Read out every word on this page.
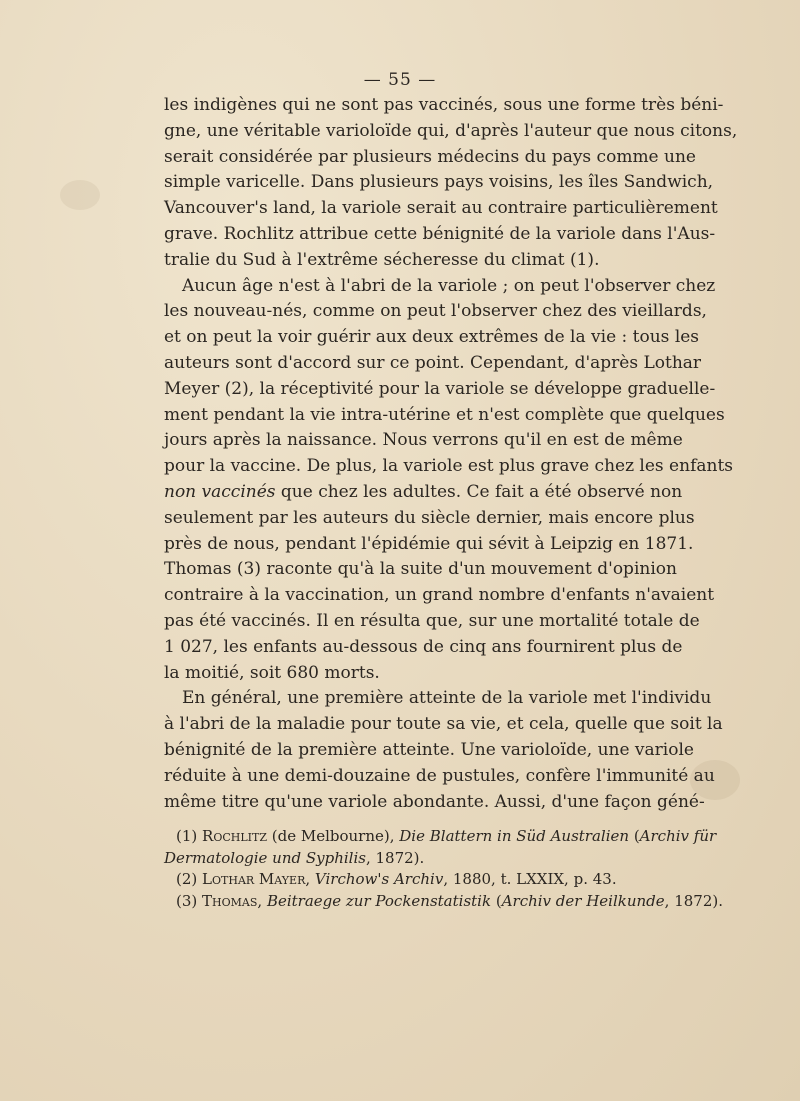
— 55 —
les indigènes qui ne sont pas vaccinés, sous une forme très béni-
gne, une véritable varioloïde qui, d'après l'auteur que nous citons,
serait considérée par plusieurs médecins du pays comme une
simple varicelle. Dans plusieurs pays voisins, les îles Sandwich,
Vancouver's land, la variole serait au contraire particulièrement
grave. Rochlitz attribue cette bénignité de la variole dans l'Aus-
tralie du Sud à l'extrême sécheresse du climat (1).
Aucun âge n'est à l'abri de la variole ; on peut l'observer chez
les nouveau-nés, comme on peut l'observer chez des vieillards,
et on peut la voir guérir aux deux extrêmes de la vie : tous les
auteurs sont d'accord sur ce point. Cependant, d'après Lothar
Meyer (2), la réceptivité pour la variole se développe graduelle-
ment pendant la vie intra-utérine et n'est complète que quelques
jours après la naissance. Nous verrons qu'il en est de même
pour la vaccine. De plus, la variole est plus grave chez les enfants
non vaccinés que chez les adultes. Ce fait a été observé non
seulement par les auteurs du siècle dernier, mais encore plus
près de nous, pendant l'épidémie qui sévit à Leipzig en 1871.
Thomas (3) raconte qu'à la suite d'un mouvement d'opinion
contraire à la vaccination, un grand nombre d'enfants n'avaient
pas été vaccinés. Il en résulta que, sur une mortalité totale de
1 027, les enfants au-dessous de cinq ans fournirent plus de
la moitié, soit 680 morts.
En général, une première atteinte de la variole met l'individu
à l'abri de la maladie pour toute sa vie, et cela, quelle que soit la
bénignité de la première atteinte. Une varioloïde, une variole
réduite à une demi-douzaine de pustules, confère l'immunité au
même titre qu'une variole abondante. Aussi, d'une façon géné-
(1) Rochlitz (de Melbourne), Die Blattern in Süd Australien (Archiv für
Dermatologie und Syphilis, 1872).
(2) Lothar Mayer, Virchow's Archiv, 1880, t. LXXIX, p. 43.
(3) Thomas, Beitraege zur Pockenstatistik (Archiv der Heilkunde, 1872).
